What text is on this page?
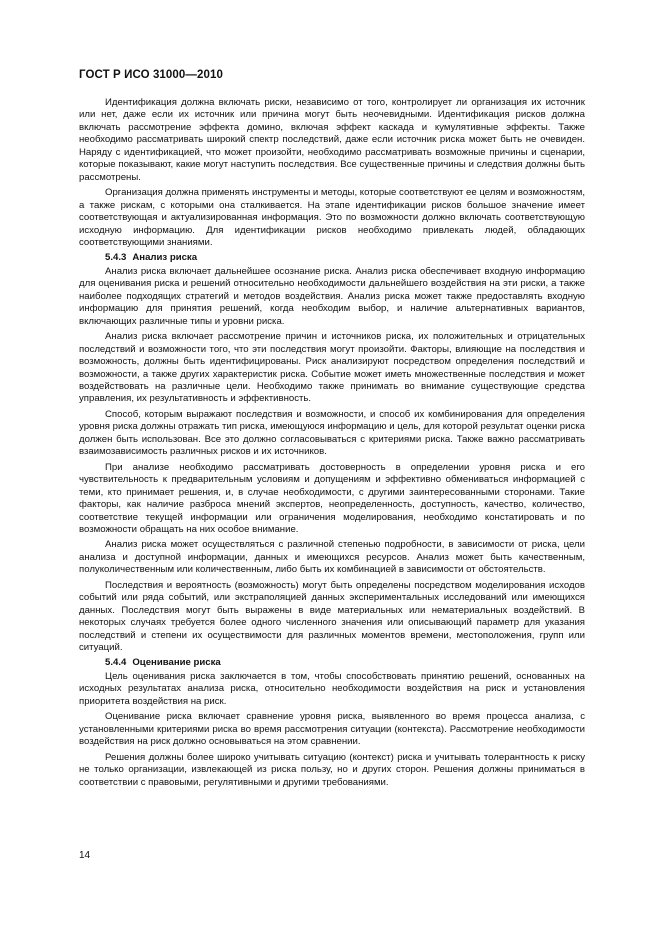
ГОСТ Р ИСО 31000—2010

Идентификация должна включать риски, независимо от того, контролирует ли организация их источник или нет, даже если их источник или причина могут быть неочевидными. Идентификация рисков должна включать рассмотрение эффекта домино, включая эффект каскада и кумулятивные эффекты. Также необходимо рассматривать широкий спектр последствий, даже если источник риска может быть не очевиден. Наряду с идентификацией, что может произойти, необходимо рассматривать возможные причины и сценарии, которые показывают, какие могут наступить последствия. Все существенные причины и следствия должны быть рассмотрены.

Организация должна применять инструменты и методы, которые соответствуют ее целям и возможностям, а также рискам, с которыми она сталкивается. На этапе идентификации рисков большое значение имеет соответствующая и актуализированная информация. Это по возможности должно включать соответствующую исходную информацию. Для идентификации рисков необходимо привлекать людей, обладающих соответствующими знаниями.

5.4.3 Анализ риска

Анализ риска включает дальнейшее осознание риска. Анализ риска обеспечивает входную информацию для оценивания риска и решений относительно необходимости дальнейшего воздействия на эти риски, а также наиболее подходящих стратегий и методов воздействия. Анализ риска может также предоставлять входную информацию для принятия решений, когда необходим выбор, и наличие альтернативных вариантов, включающих различные типы и уровни риска.

Анализ риска включает рассмотрение причин и источников риска, их положительных и отрицательных последствий и возможности того, что эти последствия могут произойти. Факторы, влияющие на последствия и возможность, должны быть идентифицированы. Риск анализируют посредством определения последствий и возможности, а также других характеристик риска. Событие может иметь множественные последствия и может воздействовать на различные цели. Необходимо также принимать во внимание существующие средства управления, их результативность и эффективность.

Способ, которым выражают последствия и возможности, и способ их комбинирования для определения уровня риска должны отражать тип риска, имеющуюся информацию и цель, для которой результат оценки риска должен быть использован. Все это должно согласовываться с критериями риска. Также важно рассматривать взаимозависимость различных рисков и их источников.

При анализе необходимо рассматривать достоверность в определении уровня риска и его чувствительность к предварительным условиям и допущениям и эффективно обмениваться информацией с теми, кто принимает решения, и, в случае необходимости, с другими заинтересованными сторонами. Такие факторы, как наличие разброса мнений экспертов, неопределенность, доступность, качество, количество, соответствие текущей информации или ограничения моделирования, необходимо констатировать и по возможности обращать на них особое внимание.

Анализ риска может осуществляться с различной степенью подробности, в зависимости от риска, цели анализа и доступной информации, данных и имеющихся ресурсов. Анализ может быть качественным, полуколичественным или количественным, либо быть их комбинацией в зависимости от обстоятельств.

Последствия и вероятность (возможность) могут быть определены посредством моделирования исходов событий или ряда событий, или экстраполяцией данных экспериментальных исследований или имеющихся данных. Последствия могут быть выражены в виде материальных или нематериальных воздействий. В некоторых случаях требуется более одного численного значения или описывающий параметр для указания последствий и степени их осуществимости для различных моментов времени, местоположения, групп или ситуаций.

5.4.4 Оценивание риска

Цель оценивания риска заключается в том, чтобы способствовать принятию решений, основанных на исходных результатах анализа риска, относительно необходимости воздействия на риск и установления приоритета воздействия на риск.

Оценивание риска включает сравнение уровня риска, выявленного во время процесса анализа, с установленными критериями риска во время рассмотрения ситуации (контекста). Рассмотрение необходимости воздействия на риск должно основываться на этом сравнении.

Решения должны более широко учитывать ситуацию (контекст) риска и учитывать толерантность к риску не только организации, извлекающей из риска пользу, но и других сторон. Решения должны приниматься в соответствии с правовыми, регулятивными и другими требованиями.

14
